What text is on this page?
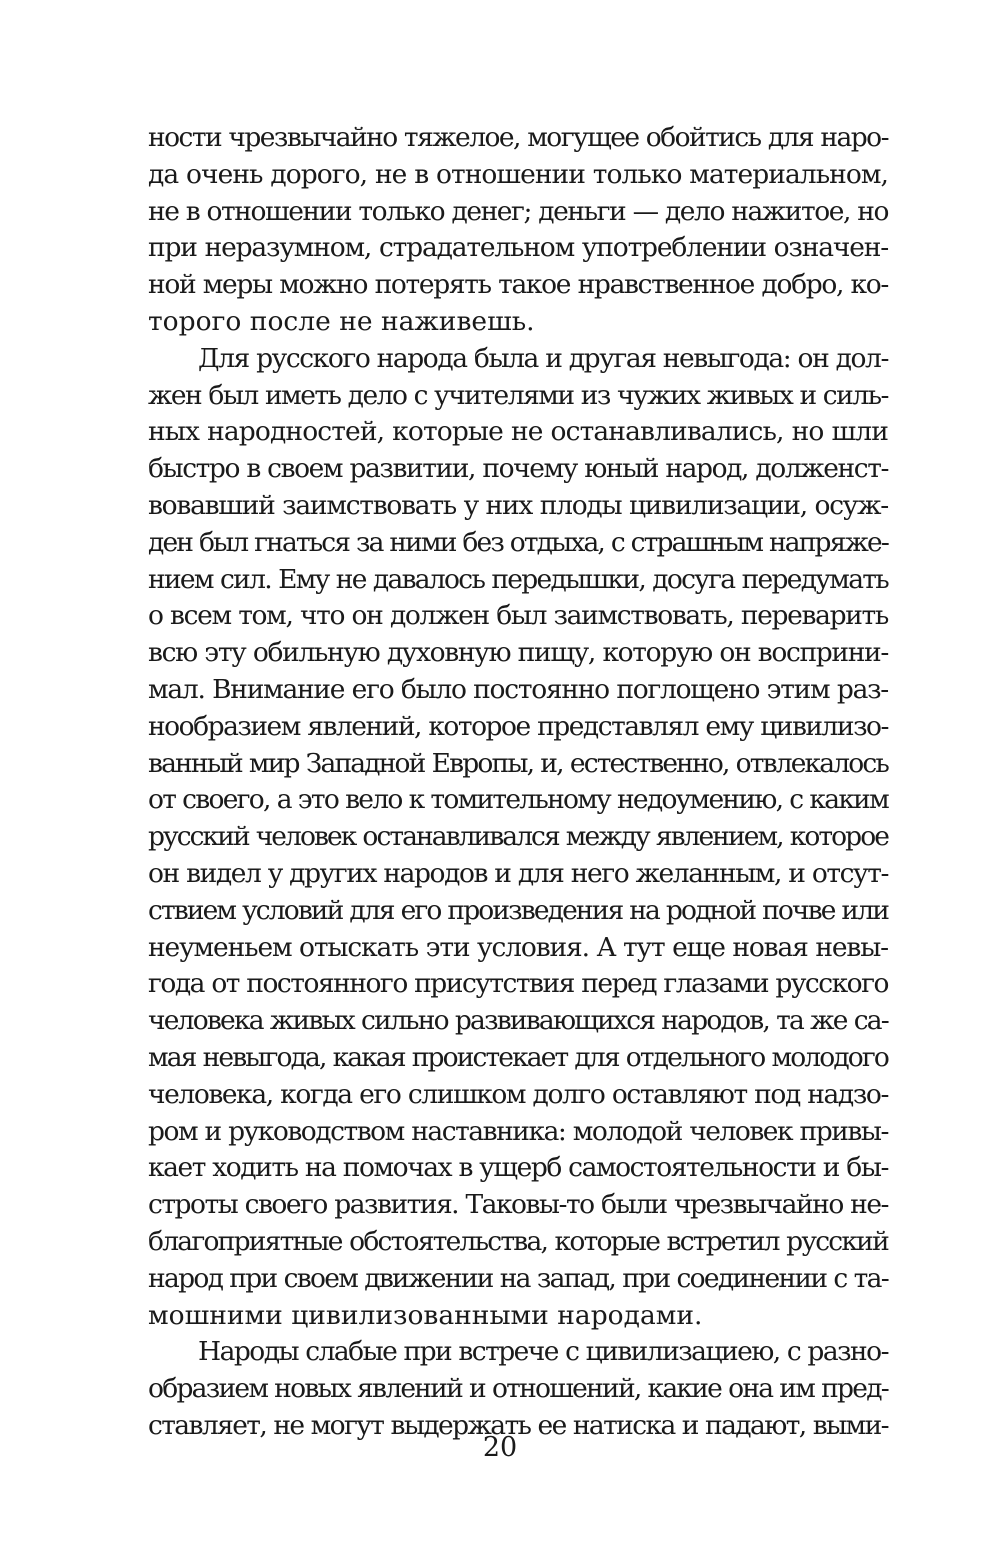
ности чрезвычайно тяжелое, могущее обойтись для наро-
да очень дорого, не в отношении только материальном,
не в отношении только денег; деньги — дело нажитое, но
при неразумном, страдательном употреблении означен-
ной меры можно потерять такое нравственное добро, ко-
торого после не наживешь.
Для русского народа была и другая невыгода: он дол-
жен был иметь дело с учителями из чужих живых и силь-
ных народностей, которые не останавливались, но шли
быстро в своем развитии, почему юный народ, долженст-
вовавший заимствовать у них плоды цивилизации, осуж-
ден был гнаться за ними без отдыха, с страшным напряже-
нием сил. Ему не давалось передышки, досуга передумать
о всем том, что он должен был заимствовать, переварить
всю эту обильную духовную пищу, которую он восприни-
мал. Внимание его было постоянно поглощено этим раз-
нообразием явлений, которое представлял ему цивилизо-
ванный мир Западной Европы, и, естественно, отвлекалось
от своего, а это вело к томительному недоумению, с каким
русский человек останавливался между явлением, которое
он видел у других народов и для него желанным, и отсут-
ствием условий для его произведения на родной почве или
неуменьем отыскать эти условия. А тут еще новая невы-
года от постоянного присутствия перед глазами русского
человека живых сильно развивающихся народов, та же са-
мая невыгода, какая проистекает для отдельного молодого
человека, когда его слишком долго оставляют под надзо-
ром и руководством наставника: молодой человек привы-
кает ходить на помочах в ущерб самостоятельности и бы-
строты своего развития. Таковы-то были чрезвычайно не-
благоприятные обстоятельства, которые встретил русский
народ при своем движении на запад, при соединении с та-
мошними цивилизованными народами.
Народы слабые при встрече с цивилизациею, с разно-
образием новых явлений и отношений, какие она им пред-
ставляет, не могут выдержать ее натиска и падают, выми-
20
